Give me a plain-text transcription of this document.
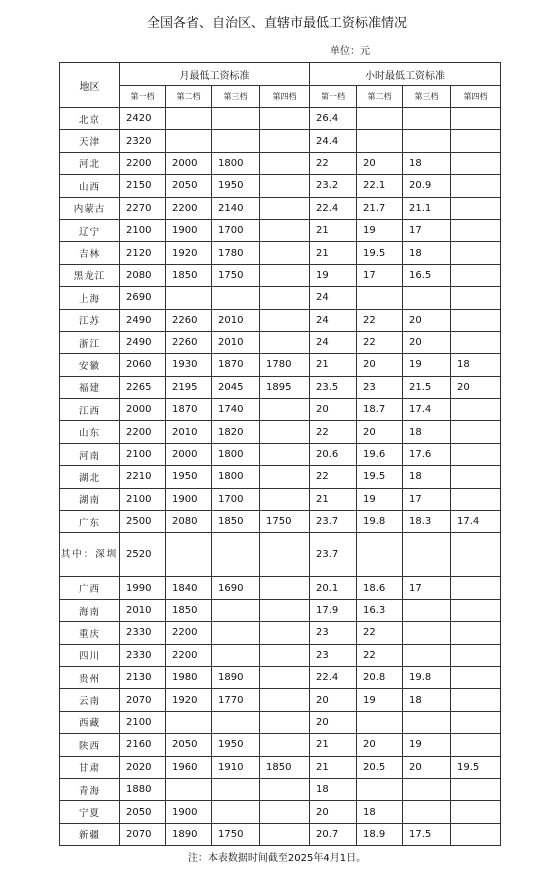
全国各省、自治区、直辖市最低工资标准情况
单位：元
地区	月最低工资标准				小时最低工资标准			
	第一档	第二档	第三档	第四档	第一档	第二档	第三档	第四档
北京	2420				26.4			
天津	2320				24.4			
河北	2200	2000	1800		22	20	18	
山西	2150	2050	1950		23.2	22.1	20.9	
内蒙古	2270	2200	2140		22.4	21.7	21.1	
辽宁	2100	1900	1700		21	19	17	
吉林	2120	1920	1780		21	19.5	18	
黑龙江	2080	1850	1750		19	17	16.5	
上海	2690				24			
江苏	2490	2260	2010		24	22	20	
浙江	2490	2260	2010		24	22	20	
安徽	2060	1930	1870	1780	21	20	19	18
福建	2265	2195	2045	1895	23.5	23	21.5	20
江西	2000	1870	1740		20	18.7	17.4	
山东	2200	2010	1820		22	20	18	
河南	2100	2000	1800		20.6	19.6	17.6	
湖北	2210	1950	1800		22	19.5	18	
湖南	2100	1900	1700		21	19	17	
广东	2500	2080	1850	1750	23.7	19.8	18.3	17.4
其中：深圳	2520				23.7			
广西	1990	1840	1690		20.1	18.6	17	
海南	2010	1850			17.9	16.3		
重庆	2330	2200			23	22		
四川	2330	2200			23	22		
贵州	2130	1980	1890		22.4	20.8	19.8	
云南	2070	1920	1770		20	19	18	
西藏	2100				20			
陕西	2160	2050	1950		21	20	19	
甘肃	2020	1960	1910	1850	21	20.5	20	19.5
青海	1880				18			
宁夏	2050	1900			20	18		
新疆	2070	1890	1750		20.7	18.9	17.5	
注：本表数据时间截至2025年4月1日。
